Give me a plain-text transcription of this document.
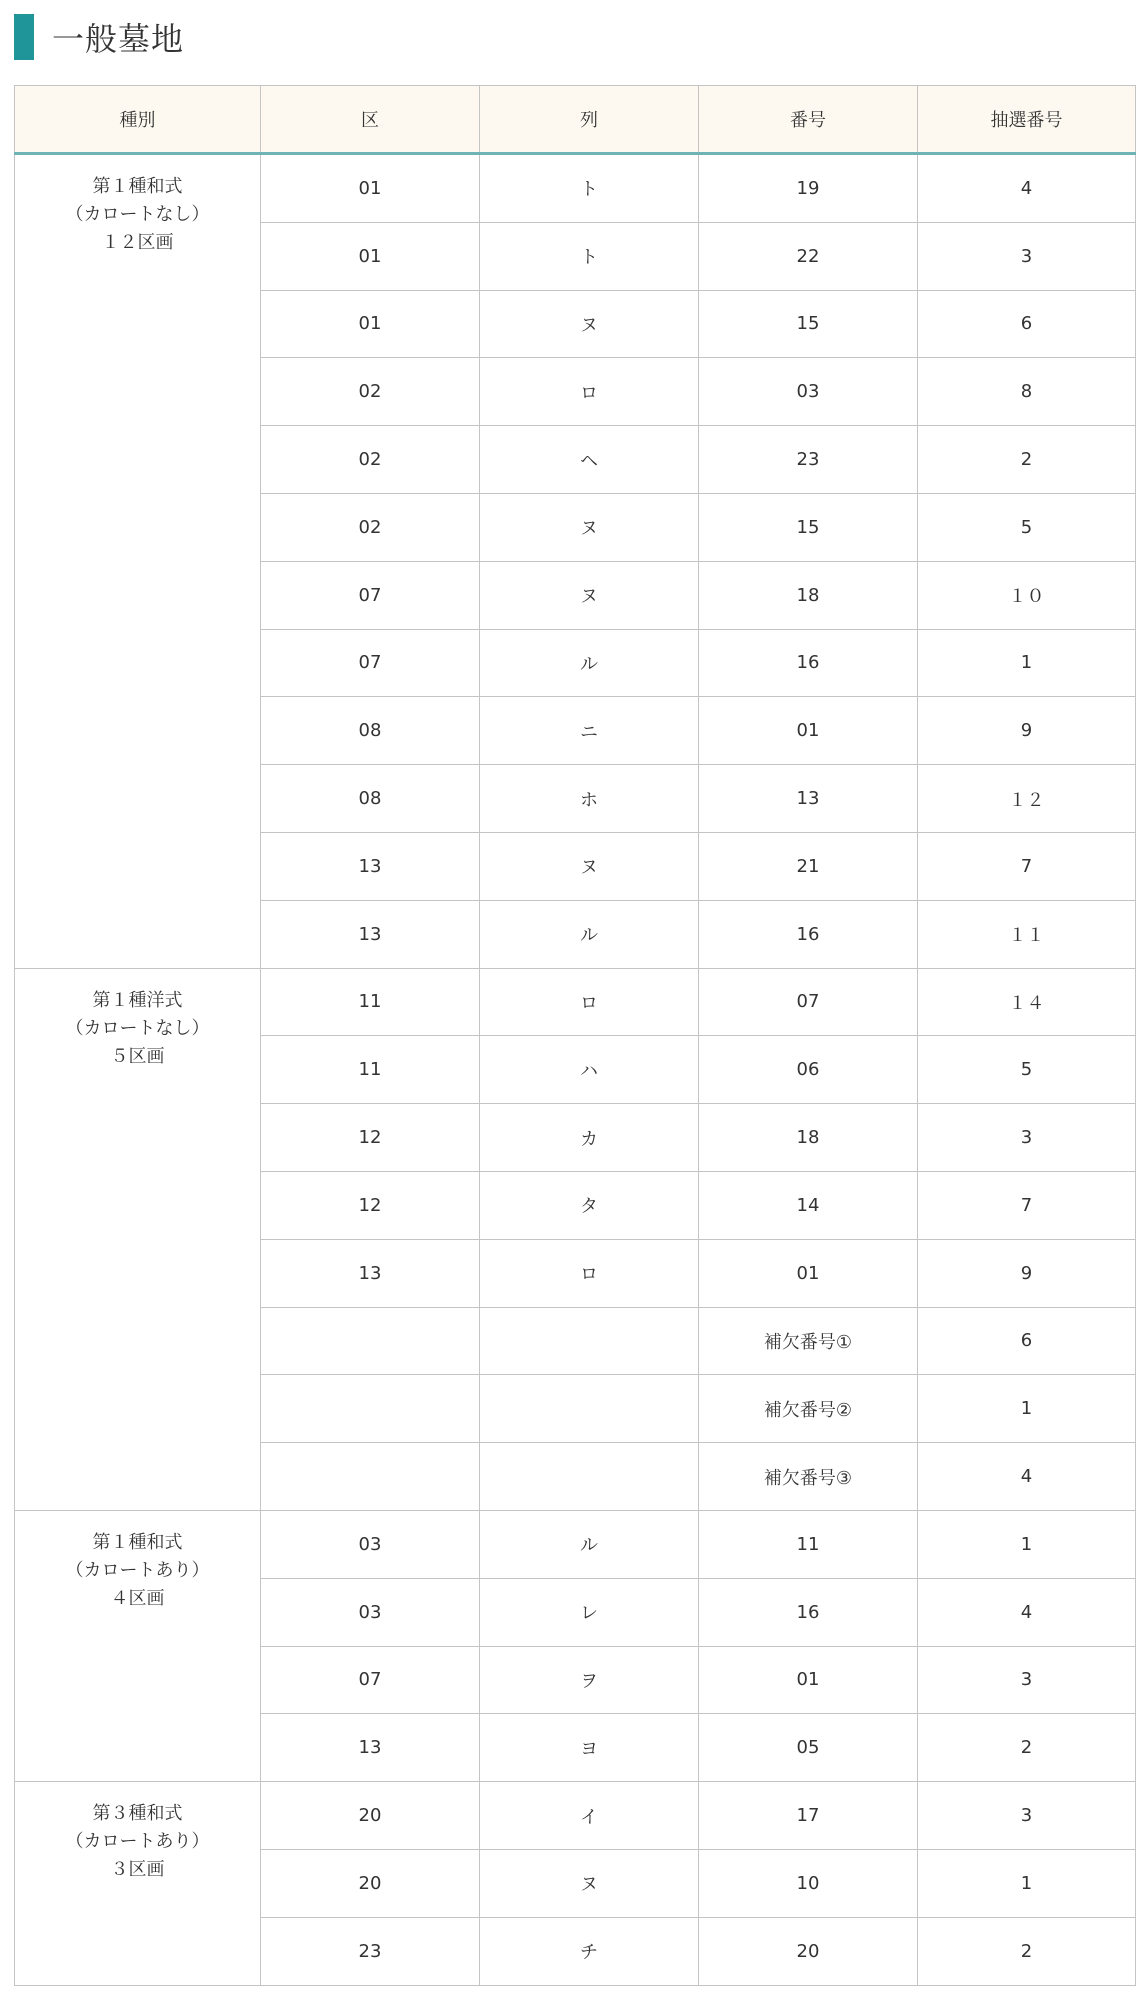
一般墓地
種別	区	列	番号	抽選番号

第１種和式
（カロートなし）
１２区画	01	ト	19	4
	01	ト	22	3
	01	ヌ	15	6
	02	ロ	03	8
	02	ヘ	23	2
	02	ヌ	15	5
	07	ヌ	18	１０
	07	ル	16	1
	08	ニ	01	9
	08	ホ	13	１２
	13	ヌ	21	7
	13	ル	16	１１

第１種洋式
（カロートなし）
５区画	11	ロ	07	１４
	11	ハ	06	5
	12	カ	18	3
	12	タ	14	7
	13	ロ	01	9
			補欠番号①	6
			補欠番号②	1
			補欠番号③	4

第１種和式
（カロートあり）
４区画	03	ル	11	1
	03	レ	16	4
	07	ヲ	01	3
	13	ヨ	05	2

第３種和式
（カロートあり）
３区画	20	イ	17	3
	20	ヌ	10	1
	23	チ	20	2
